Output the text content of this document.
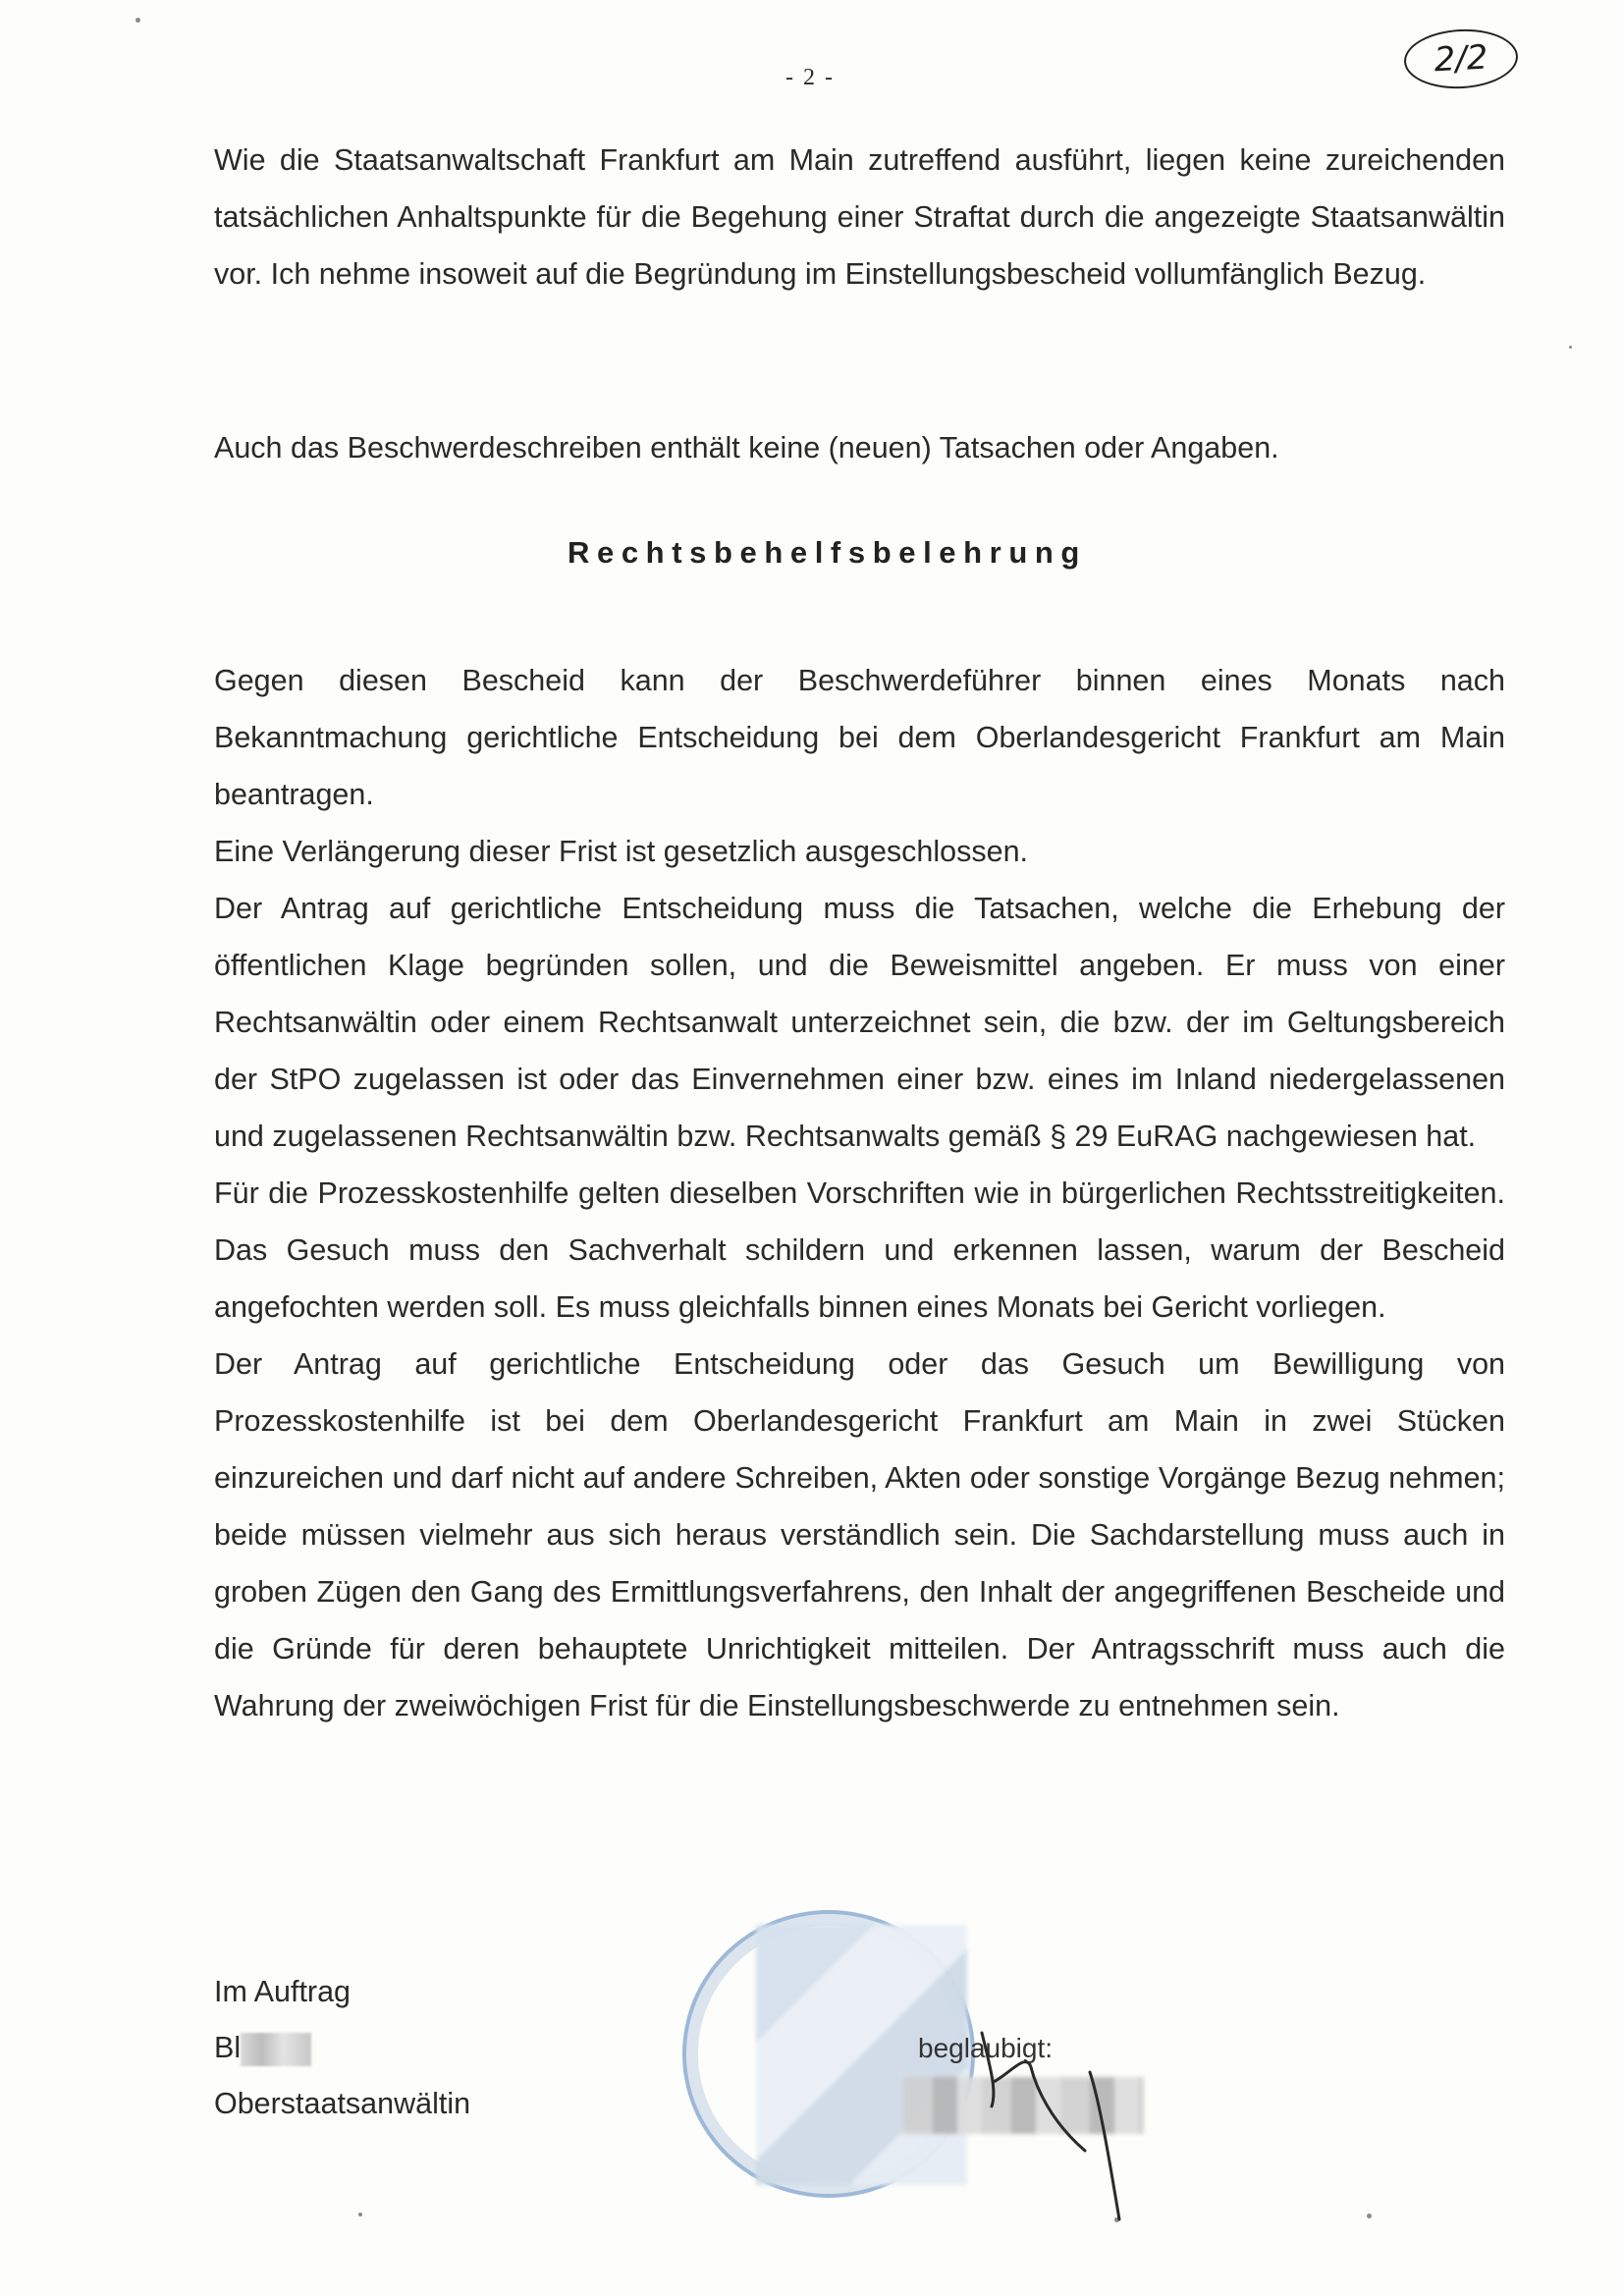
- 2 -	2/2

Wie die Staatsanwaltschaft Frankfurt am Main zutreffend ausführt, liegen keine zureichenden tatsächlichen Anhaltspunkte für die Begehung einer Straftat durch die angezeigte Staatsanwältin vor. Ich nehme insoweit auf die Begründung im Einstellungsbescheid vollumfänglich Bezug.

Auch das Beschwerdeschreiben enthält keine (neuen) Tatsachen oder Angaben.

Rechtsbehelfsbelehrung

Gegen diesen Bescheid kann der Beschwerdeführer binnen eines Monats nach Bekanntmachung gerichtliche Entscheidung bei dem Oberlandesgericht Frankfurt am Main beantragen.

Eine Verlängerung dieser Frist ist gesetzlich ausgeschlossen.

Der Antrag auf gerichtliche Entscheidung muss die Tatsachen, welche die Erhebung der öffentlichen Klage begründen sollen, und die Beweismittel angeben. Er muss von einer Rechtsanwältin oder einem Rechtsanwalt unterzeichnet sein, die bzw. der im Geltungsbereich der StPO zugelassen ist oder das Einvernehmen einer bzw. eines im Inland niedergelassenen und zugelassenen Rechtsanwältin bzw. Rechtsanwalts gemäß § 29 EuRAG nachgewiesen hat.

Für die Prozesskostenhilfe gelten dieselben Vorschriften wie in bürgerlichen Rechtsstreitigkeiten. Das Gesuch muss den Sachverhalt schildern und erkennen lassen, warum der Bescheid angefochten werden soll. Es muss gleichfalls binnen eines Monats bei Gericht vorliegen.

Der Antrag auf gerichtliche Entscheidung oder das Gesuch um Bewilligung von Prozesskostenhilfe ist bei dem Oberlandesgericht Frankfurt am Main in zwei Stücken einzureichen und darf nicht auf andere Schreiben, Akten oder sonstige Vorgänge Bezug nehmen; beide müssen vielmehr aus sich heraus verständlich sein. Die Sachdarstellung muss auch in groben Zügen den Gang des Ermittlungsverfahrens, den Inhalt der angegriffenen Bescheide und die Gründe für deren behauptete Unrichtigkeit mitteilen. Der Antragsschrift muss auch die Wahrung der zweiwöchigen Frist für die Einstellungsbeschwerde zu entnehmen sein.

Im Auftrag
Bl
Oberstaatsanwältin
beglaubigt:
